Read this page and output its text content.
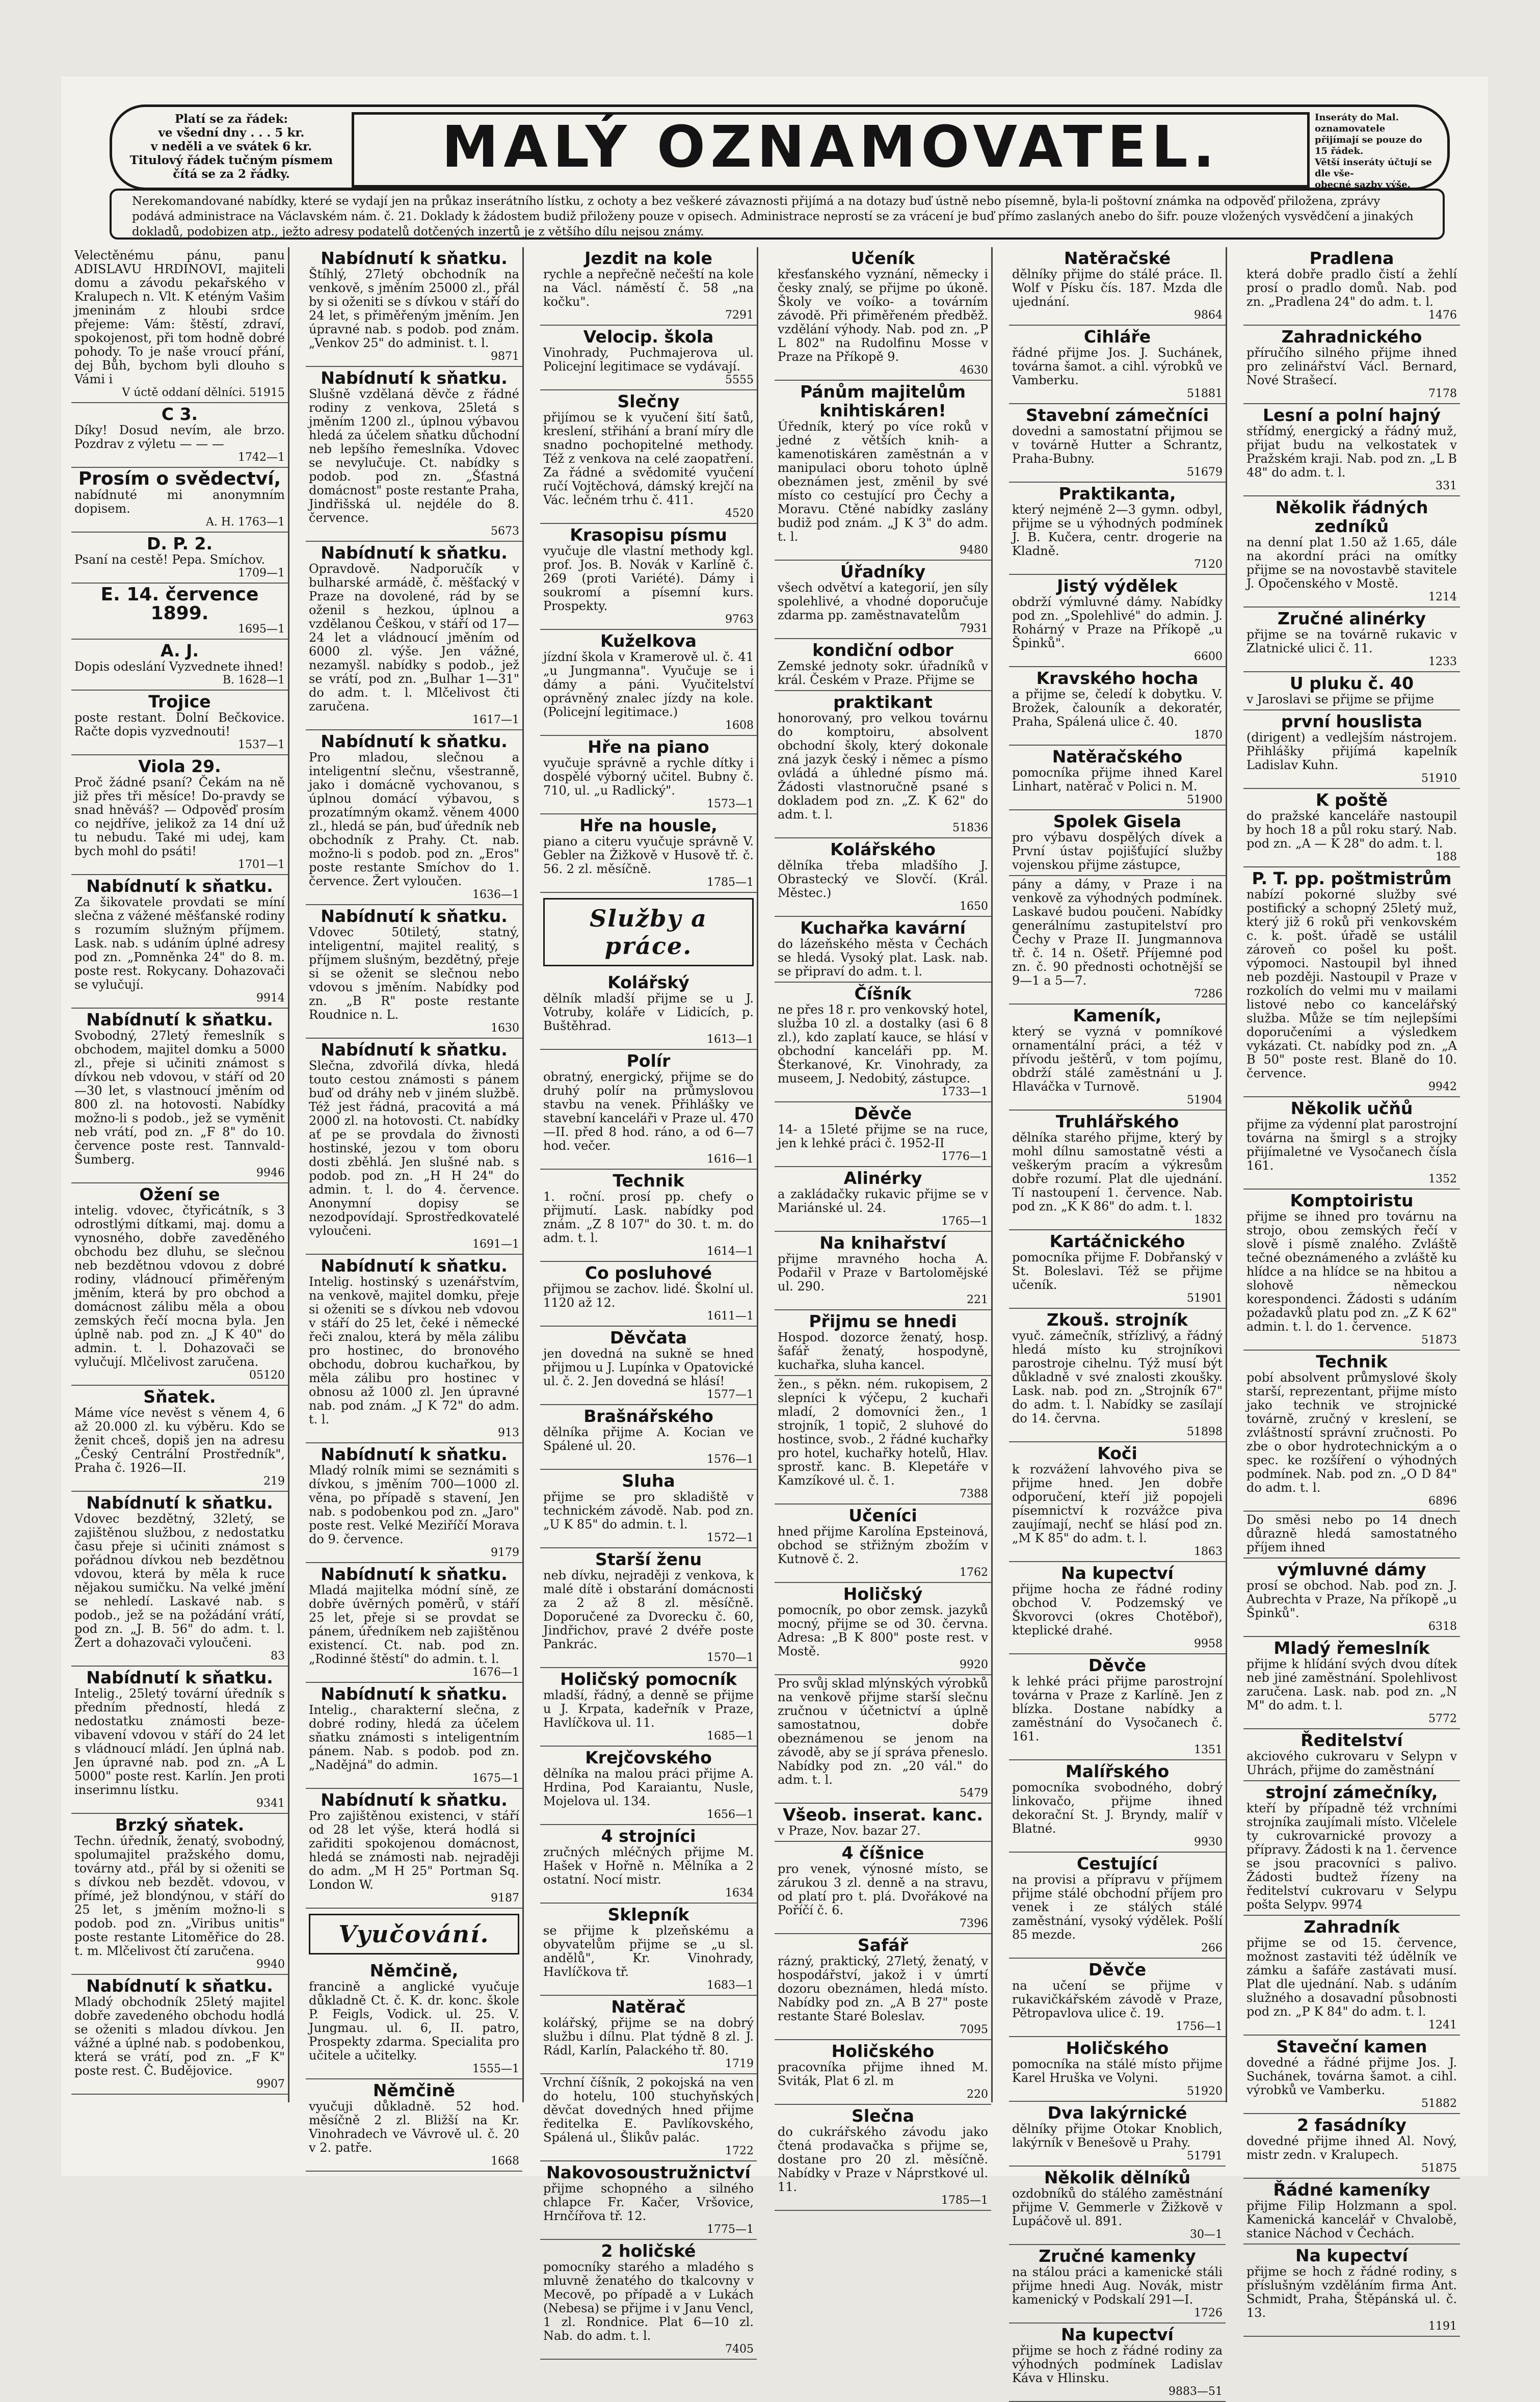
Platí se za řádek:
ve všední dny . . . 5 kr.
v neděli a ve svátek 6 kr.
Titulový řádek tučným písmem
čítá se za 2 řádky.	MALÝ OZNAMOVATEL.	Inseráty do Mal. oznamovatele
přijímají se pouze do 15 řádek.
Větší inseráty účtují se dle vše-
obecné sazby výše.
Nerekomandované nabídky, které se vydají jen na průkaz inserátního lístku, z ochoty a bez veškeré závaznosti přijímá a na dotazy buď ústně nebo písemně, byla-li poštovní známka na odpověď přiložena, zprávy podává administrace na Václavském nám. č. 21. Doklady k žádostem budiž přiloženy pouze v opisech. Administrace neprostí se za vrácení je buď přímo zaslaných anebo do šifr. pouze vložených vysvědčení a jinakých dokladů, podobizen atp., ježto adresy podatelů dotčených inzertů je z většího dílu nejsou známy.
Velectěnému pánu, panu ADISLAVU HRDINOVI, majiteli domu a závodu pekařského v Kralupech n. Vlt. K eténým Vašim jmeninám z hloubi srdce přejeme: Vám: štěstí, zdraví, spokojenost, při tom hodně dobré pohody. To je naše vroucí přání, dej Bůh, bychom byli dlouho s Vámi i
V úctě oddaní dělníci. 51915
C 3.
Díky! Dosud nevím, ale brzo. Pozdrav z výletu — — —
1742—1
Prosím o svědectví,
nabídnuté mi anonymním dopisem.
A. H. 1763—1
D. P. 2.
Psaní na cestě! Pepa. Smíchov.
1709—1
E. 14. července 1899.
1695—1
A. J.
Dopis odeslání Vyzvednete ihned!
B. 1628—1
Trojice
poste restant. Dolní Bečkovice. Račte dopis vyzvednouti!
1537—1
Viola 29.
Proč žádné psaní? Čekám na ně již přes tři měsíce! Do-pravdy se snad hněváš? — Odpověď prosím co nejdříve, jelikož za 14 dní už tu nebudu. Také mi udej, kam bych mohl do psáti!
1701—1
Nabídnutí k sňatku.
Za šikovatele provdati se míní slečna z vážené měšťanské rodiny s rozumím služným příjmem. Lask. nab. s udáním úplné adresy pod zn. „Pomněnka 24" do 8. m. poste rest. Rokycany. Dohazovači se vylučují.
9914
Nabídnutí k sňatku.
Svobodný, 27letý řemeslník s obchodem, majitel domku a 5000 zl., přeje si učiniti známost s dívkou neb vdovou, v stáří od 20—30 let, s vlastnoucí jměním od 800 zl. na hotovosti. Nabídky možno-li s podob., jež se vyměnit neb vrátí, pod zn. „F 8" do 10. července poste rest. Tannvald-Šumberg.
9946
Ožení se
intelig. vdovec, čtyřicátník, s 3 odrostlými dítkami, maj. domu a vynosného, dobře zaveděného obchodu bez dluhu, se slečnou neb bezdětnou vdovou z dobré rodiny, vládnoucí přiměřeným jměním, která by pro obchod a domácnost zálibu měla a obou zemských řečí mocna byla. Jen úplně nab. pod zn. „J K 40" do admin. t. l. Dohazovači se vylučují. Mlčelivost zaručena.
05120
Sňatek.
Máme více nevěst s věnem 4, 6 až 20.000 zl. ku výběru. Kdo se ženit chceš, dopiš jen na adresu „Český Centrální Prostředník", Praha č. 1926—II.
219
Nabídnutí k sňatku.
Vdovec bezdětný, 32letý, se zajištěnou službou, z nedostatku času přeje si učiniti známost s pořádnou dívkou neb bezdětnou vdovou, která by měla k ruce nějakou sumičku. Na velké jmění se nehledí. Laskavé nab. s podob., jež se na požádání vrátí, pod zn. „J. B. 56" do adm. t. l. Žert a dohazovači vyloučeni.
83
Nabídnutí k sňatku.
Intelig., 25letý tovární úředník s předním předností, hledá z nedostatku známosti beze- vibavení vdovou v stáří do 24 let s vládnoucí mládí. Jen úplná nab. Jen úpravné nab. pod zn. „A L 5000" poste rest. Karlín. Jen proti inserimnu lístku.
9341
Brzký sňatek.
Techn. úředník, ženatý, svobodný, spolumajitel pražského domu, továrny atd., přál by si oženiti se s dívkou neb bezdět. vdovou, v přímé, jež blondýnou, v stáří do 25 let, s jměním možno-li s podob. pod zn. „Viribus unitis" poste restante Litoměřice do 28. t. m. Mlčelivost čtí zaručena.
9940
Nabídnutí k sňatku.
Mladý obchodník 25letý majitel dobře zavedeného obchodu hodlá se oženiti s mladou dívkou. Jen vážné a úplné nab. s podobenkou, která se vrátí, pod zn. „F K" poste rest. Č. Budějovice.
9907
Nabídnutí k sňatku.
Štíhlý, 27letý obchodník na venkově, s jměním 25000 zl., přál by si oženiti se s dívkou v stáří do 24 let, s přiměřeným jměním. Jen úpravné nab. s podob. pod znám. „Venkov 25" do administ. t. l.
9871
Nabídnutí k sňatku.
Slušně vzdělaná děvče z řádné rodiny z venkova, 25letá s jměním 1200 zl., úplnou výbavou hledá za účelem sňatku důchodní neb lepšího řemeslníka. Vdovec se nevylučuje. Ct. nabídky s podob. pod zn. „Šťastná domácnost" poste restante Praha, Jindřišská ul. nejdéle do 8. července.
5673
Nabídnutí k sňatku.
Opravdově. Nadporučík v bulharské armádě, č. měšťacký v Praze na dovolené, rád by se oženil s hezkou, úplnou a vzdělanou Češkou, v stáří od 17—24 let a vládnoucí jměním od 6000 zl. výše. Jen vážné, nezamyšl. nabídky s podob., jež se vrátí, pod zn. „Bulhar 1—31" do adm. t. l. Mlčelivost čti zaručena.
1617—1
Nabídnutí k sňatku.
Pro mladou, slečnou a inteligentní slečnu, všestranně, jako i domácně vychovanou, s úplnou domácí výbavou, s prozatímným okamž. věnem 4000 zl., hledá se pán, buď úředník neb obchodník z Prahy. Ct. nab. možno-li s podob. pod zn. „Eros" poste restante Smíchov do 1. července. Žert vyloučen.
1636—1
Nabídnutí k sňatku.
Vdovec 50tiletý, statný, inteligentní, majitel realitý, s příjmem slušným, bezdětný, přeje si se oženit se slečnou nebo vdovou s jměním. Nabídky pod zn. „B R" poste restante Roudnice n. L.
1630
Nabídnutí k sňatku.
Slečna, zdvořilá dívka, hledá touto cestou známosti s pánem buď od dráhy neb v jiném službě. Též jest řádná, pracovitá a má 2000 zl. na hotovosti. Ct. nabídky ať pe se provdala do živnosti hostinské, jezou v tom oboru dosti zběhlá. Jen slušné nab. s podob. pod zn. „H H 24" do admin. t. l. do 4. července. Anonymní dopisy se nezodpovídají. Sprostředkovatelé vyloučeni.
1691—1
Nabídnutí k sňatku.
Intelig. hostinský s uzenářstvím, na venkově, majitel domku, přeje si oženiti se s dívkou neb vdovou v stáří do 25 let, čeké i německé řeči znalou, která by měla zálibu pro hostinec, do bronového obchodu, dobrou kuchařkou, by měla zálibu pro hostinec v obnosu až 1000 zl. Jen úpravné nab. pod znám. „J K 72" do adm. t. l.
913
Nabídnutí k sňatku.
Mladý rolník mimi se seznámiti s dívkou, s jměním 700—1000 zl. věna, po případě s stavení, Jen nab. s podobenkou pod zn. „Jaro" poste rest. Velké Meziříčí Morava do 9. července.
9179
Nabídnutí k sňatku.
Mladá majitelka módní síně, ze dobře úvěrných poměrů, v stáří 25 let, přeje si se provdat se pánem, úředníkem neb zajištěnou existencí. Ct. nab. pod zn. „Rodinné štěstí" do admin. t. l.
1676—1
Nabídnutí k sňatku.
Intelig., charakterní slečna, z dobré rodiny, hledá za účelem sňatku známosti s inteligentním pánem. Nab. s podob. pod zn. „Nadějná" do admin.
1675—1
Nabídnutí k sňatku.
Pro zajištěnou existenci, v stáří od 28 let výše, která hodlá si zařiditi spokojenou domácnost, hledá se známosti nab. nejraději do adm. „M H 25" Portman Sq. London W.
9187
Vyučování.
Němčině,
francině a anglické vyučuje důkladně Ct. č. K. dr. konc. škole P. Feigls, Vodick. ul. 25. V. Jungmau. ul. 6, II. patro, Prospekty zdarma. Specialita pro učitele a učitelky.
1555—1
Němčině
vyučuji důkladně. 52 hod. měsíčně 2 zl. Bližší na Kr. Vinohradech ve Vávrově ul. č. 20 v 2. patře.
1668
Jezdit na kole
rychle a nepřečně nečeští na kole na Václ. náměstí č. 58 „na kočku".
7291
Velocip. škola
Vinohrady, Puchmajerova ul. Policejní legitimace se vydávají.
5555
Slečny
přijímou se k vyučení šití šatů, kreslení, střihání a braní míry dle snadno pochopitelné methody. Též z venkova na celé zaopatření. Za řádné a svědomité vyučení ručí Vojtěchová, dámský krejčí na Vác. lečném trhu č. 411.
4520
Krasopisu písmu
vyučuje dle vlastní methody kgl. prof. Jos. B. Novák v Karlíně č. 269 (proti Variété). Dámy i soukromí a písemní kurs. Prospekty.
9763
Kuželkova
jízdní škola v Kramerově ul. č. 41 „u Jungmanna". Vyučuje se i dámy a páni. Vyučitelství oprávněný znalec jízdy na kole. (Policejní legitimace.)
1608
Hře na piano
vyučuje správně a rychle dítky i dospělé výborný učitel. Bubny č. 710, ul. „u Radlický".
1573—1
Hře na housle,
piano a citeru vyučuje správně V. Gebler na Žižkově v Husově tř. č. 56. 2 zl. měsíčně.
1785—1
Služby a práce.
Kolářský
dělník mladší přijme se u J. Votruby, koláře v Lidicích, p. Buštěhrad.
1613—1
Polír
obratný, energický, přijme se do druhý polír na průmyslovou stavbu na venek. Přihlášky ve stavební kanceláři v Praze ul. 470—II. před 8 hod. ráno, a od 6—7 hod. večer.
1616—1
Technik
1. roční. prosí pp. chefy o přijmutí. Lask. nabídky pod znám. „Z 8 107" do 30. t. m. do adm. t. l.
1614—1
Co posluhové
přijmou se zachov. lidé. Školní ul. 1120 až 12.
1611—1
Děvčata
jen dovedná na sukně se hned přijmou u J. Lupínka v Opatovické ul. č. 2. Jen dovedná se hlásí!
1577—1
Brašnářského
dělníka přijme A. Kocian ve Spálené ul. 20.
1576—1
Sluha
přijme se pro skladiště v technickém závodě. Nab. pod zn. „U K 85" do admin. t. l.
1572—1
Starší ženu
neb dívku, nejraději z venkova, k malé dítě i obstarání domácnosti za 2 až 8 zl. měsíčně. Doporučené za Dvorecku č. 60, Jindřichov, pravé 2 dvéře poste Pankrác.
1570—1
Holičský pomocník
mladší, řádný, a denně se přijme u J. Krpata, kadeřník v Praze, Havlíčkova ul. 11.
1685—1
Krejčovského
dělníka na malou práci přijme A. Hrdina, Pod Karaiantu, Nusle, Mojelova ul. 134.
1656—1
4 strojníci
zručných mléčných přijme M. Hašek v Hořně n. Mělníka a 2 ostatní. Nocí mistr.
1634
Sklepník
se přijme k plzeňskému a obyvatelům přijme se „u sl. andělů", Kr. Vinohrady, Havlíčkova tř.
1683—1
Natěrač
kolářský, přijme se na dobrý službu i dílnu. Plat týdně 8 zl. J. Rádl, Karlín, Palackého tř. 80.
1719
Vrchní číšník, 2 pokojská na ven do hotelu, 100 stuchyňských děvčat dovedných hned přijme ředitelka E. Pavlíkovského, Spálená ul., Šlikův palác.
1722
Nakovosoustružnictví
přijme schopného a silného chlapce Fr. Kačer, Vršovice, Hrnčířova tř. 12.
1775—1
2 holičské
pomocníky starého a mladého s mluvně ženatého do tkalcovny v Mecově, po případě a v Lukách (Nebesa) se přijme i v Janu Vencl, 1 zl. Rondnice. Plat 6—10 zl. Nab. do adm. t. l.
7405
Učeník
křesťanského vyznání, německy i česky znalý, se přijme po úkoně. Školy ve voíko- a továrním závodě. Při přiměřeném předběž. vzdělání výhody. Nab. pod zn. „P L 802" na Rudolfinu Mosse v Praze na Příkopě 9.
4630
Pánům majitelům knihtiskáren!
Úředník, který po více roků v jedné z větších knih- a kamenotiskáren zaměstnán a v manipulaci oboru tohoto úplně obeznámen jest, změnil by své místo co cestující pro Čechy a Moravu. Ctěné nabídky zaslány budiž pod znám. „J K 3" do adm. t. l.
9480
Úřadníky
všech odvětví a kategorií, jen síly spolehlivé, a vhodné doporučuje zdarma pp. zaměstnavatelům
7931
kondiční odbor
Zemské jednoty sokr. úřadníků v král. Českém v Praze. Přijme se
praktikant
honorovaný, pro velkou továrnu do komptoiru, absolvent obchodní školy, který dokonale zná jazyk český i němec a písmo ovládá a úhledné písmo má. Žádosti vlastnoručně psané s dokladem pod zn. „Z. K 62" do adm. t. l.
51836
Kolářského
dělníka třeba mladšího J. Obrastecký ve Slovčí. (Král. Městec.)
1650
Kuchařka kavární
do lázeňského města v Čechách se hledá. Vysoký plat. Lask. nab. se připraví do adm. t. l.
Číšník
ne přes 18 r. pro venkovský hotel, služba 10 zl. a dostalky (asi 6 8 zl.), kdo zaplatí kauce, se hlásí v obchodní kanceláři pp. M. Šterkanové, Kr. Vinohrady, za museem, J. Nedobitý, zástupce.
1733—1
Děvče
14- a 15leté přijme se na ruce, jen k lehké práci č. 1952-II
1776—1
Alinérky
a zakládačky rukavic přijme se v Mariánské ul. 24.
1765—1
Na knihařství
přijme mravného hocha A. Podařil v Praze v Bartolomějské ul. 290.
221
Přijmu se hnedi
Hospod. dozorce ženatý, hosp. šafář ženatý, hospodyně, kuchařka, sluha kancel.
žen., s pěkn. ném. rukopisem, 2 slepníci k výčepu, 2 kuchaři mladí, 2 domovníci žen., 1 strojník, 1 topič, 2 sluhové do hostince, svob., 2 řádné kuchařky pro hotel, kuchařky hotelů, Hlav. sprostř. kanc. B. Klepetáře v Kamzíkové ul. č. 1.
7388
Učeníci
hned přijme Karolína Epsteinová, obchod se střižným zbožím v Kutnově č. 2.
1762
Holičský
pomocník, po obor zemsk. jazyků mocný, přijme se od 30. června. Adresa: „B K 800" poste rest. v Mostě.
9920
Pro svůj sklad mlýnských výrobků na venkově přijme starší slečnu zručnou v účetnictví a úplně samostatnou, dobře obeznámenou se jenom na závodě, aby se jí správa přeneslo. Nabídky pod zn. „20 vál." do adm. t. l.
5479
Všeob. inserat. kanc.
v Praze, Nov. bazar 27.
4 číšnice
pro venek, výnosné místo, se zárukou 3 zl. denně a na stravu, od platí pro t. plá. Dvořákové na Poříčí č. 6.
7396
Safář
rázný, praktický, 27letý, ženatý, v hospodářství, jakož i v úmrtí dozoru obeznámen, hledá místo. Nabídky pod zn. „A B 27" poste restante Staré Boleslav.
7095
Holičského
pracovníka přijme ihned M. Sviták, Plat 6 zl. m
220
Slečna
do cukrářského závodu jako čtená prodavačka s přijme se, dostane pro 20 zl. měsíčně. Nabídky v Praze v Náprstkové ul. 11.
1785—1
Natěračské
dělníky přijme do stálé práce. Il. Wolf v Písku čís. 187. Mzda dle ujednání.
9864
Cihláře
řádné přijme Jos. J. Suchánek, továrna šamot. a cihl. výrobků ve Vamberku.
51881
Stavební zámečníci
dovedni a samostatní přijmou se v továrně Hutter a Schrantz, Praha-Bubny.
51679
Praktikanta,
který nejméně 2—3 gymn. odbyl, přijme se u výhodných podmínek J. B. Kučera, centr. drogerie na Kladně.
7120
Jistý výdělek
obdrží výmluvné dámy. Nabídky pod zn. „Spolehlivé" do admin. J. Rohárný v Praze na Příkopě „u Špinků".
6600
Kravského hocha
a přijme se, čeledí k dobytku. V. Brožek, čalouník a dekoratér, Praha, Spálená ulice č. 40.
1870
Natěračského
pomocníka přijme ihned Karel Linhart, natěrač v Polici n. M.
51900
Spolek Gisela
pro výbavu dospělých dívek a První ústav pojišťující služby vojenskou přijme zástupce,
pány a dámy, v Praze i na venkově za výhodných podmínek. Laskavé budou poučeni. Nabídky generálnímu zastupitelství pro Čechy v Praze II. Jungmannova tř. č. 14 n. Ošetř. Příjemné pod zn. č. 90 přednosti ochotnější se 9—1 a 5—7.
7286
Kameník,
který se vyzná v pomníkové ornamentální práci, a též v přívodu ještěrů, v tom pojímu, obdrží stálé zaměstnání u J. Hlaváčka v Turnově.
51904
Truhlářského
dělníka starého přijme, který by mohl dílnu samostatně vésti a veškerým pracím a výkresům dobře rozumí. Plat dle ujednání. Tí nastoupení 1. července. Nab. pod zn. „K K 86" do adm. t. l.
1832
Kartáčnického
pomocníka přijme F. Dobřanský v St. Boleslavi. Též se přijme učeník.
51901
Zkouš. strojník
vyuč. zámečník, střízlivý, a řádný hledá místo ku strojníkovi parostroje cihelnu. Týž musí být důkladně v své znalosti zkoušky. Lask. nab. pod zn. „Strojník 67" do adm. t. l. Nabídky se zasílají do 14. června.
51898
Koči
k rozvážení lahvového piva se přijme hned. Jen dobře odporučení, kteří již popojeli písemnictví k rozvážce piva zaujímají, nechť se hlásí pod zn. „M K 85" do adm. t. l.
1863
Na kupectví
přijme hocha ze řádné rodiny obchod V. Podzemský ve Škvorovci (okres Chotěboř), kteplické drahé.
9958
Děvče
k lehké práci přijme parostrojní továrna v Praze z Karlíně. Jen z blízka. Dostane nabídky a zaměstnání do Vysočanech č. 161.
1351
Malířského
pomocníka svobodného, dobrý linkovačo, přijme ihned dekorační St. J. Bryndy, malíř v Blatné.
9930
Cestující
na provisi a přípravu v příjmem přijme stálé obchodní příjem pro venek i ze stálých stálé zaměstnání, vysoký výdělek. Pošlí 85 mezde.
266
Děvče
na učení se přijme v rukavičkářském závodě v Praze, Pětropavlova ulice č. 19.
1756—1
Holičského
pomocníka na stálé místo přijme Karel Hruška ve Volyni.
51920
Dva lakýrnické
dělníky přijme Otokar Knoblich, lakýrník v Benešově u Prahy.
51791
Několik dělníků
ozdobníků do stálého zaměstnání přijme V. Gemmerle v Žižkově v Lupáčově ul. 891.
30—1
Zručné kamenky
na stálou práci a kamenické stáli přijme hnedi Aug. Novák, mistr kamenický v Podskalí 291—I.
1726
Na kupectví
přijme se hoch z řádné rodiny za výhodných podmínek Ladislav Káva v Hlinsku.
9883—51
Pradlena
která dobře pradlo čistí a žehlí prosí o pradlo domů. Nab. pod zn. „Pradlena 24" do adm. t. l.
1476
Zahradnického
příručího silného přijme ihned pro zelinářství Václ. Bernard, Nové Strašecí.
7178
Lesní a polní hajný
střídmý, energický a řádný muž, přijat budu na velkostatek v Pražském kraji. Nab. pod zn. „L B 48" do adm. t. l.
331
Několik řádných zedníků
na denní plat 1.50 až 1.65, dále na akordní práci na omítky přijme se na novostavbě stavitele J. Opočenského v Mostě.
1214
Zručné alinérky
přijme se na továrně rukavic v Zlatnické ulici č. 11.
1233
U pluku č. 40
v Jaroslavi se přijme se přijme
první houslista
(dirigent) a vedlejším nástrojem. Přihlášky přijímá kapelník Ladislav Kuhn.
51910
K poště
do pražské kanceláře nastoupil by hoch 18 a půl roku starý. Nab. pod zn. „A — K 28" do adm. t. l.
188
P. T. pp. poštmistrům
nabízí pokorné služby své postifický a schopný 25letý muž, který již 6 roků při venkovském c. k. pošt. úřadě se ustálil zároveň co pošel ku pošt. výpomoci. Nastoupil byl ihned neb později. Nastoupil v Praze v rozkolích do velmi mu v mailami listové nebo co kancelářský služba. Může se tím nejlepšími doporučeními a výsledkem vykázati. Ct. nabídky pod zn. „A B 50" poste rest. Blaně do 10. července.
9942
Několik učňů
přijme za výdenní plat parostrojní továrna na šmirgl s a strojky přijímaletné ve Vysočanech čísla 161.
1352
Komptoiristu
přijme se ihned pro továrnu na strojo, obou zemských řečí v slově i písmě znalého. Zvláště tečné obeznámeného a zvláště ku hlídce a na hlídce se na hbitou a slohově německou korespondenci. Žádosti s udáním požadavků platu pod zn. „Z K 62" admin. t. l. do 1. července.
51873
Technik
pobí absolvent průmyslové školy starší, reprezentant, přijme místo jako technik ve strojnické továrně, zručný v kreslení, se zvláštností správní zručnosti. Po zbe o obor hydrotechnickým a o spec. ke rozšíření o výhodných podmínek. Nab. pod zn. „O D 84" do adm. t. l.
6896
Do směsi nebo po 14 dnech důrazně hledá samostatného příjem ihned
výmluvné dámy
prosí se obchod. Nab. pod zn. J. Aubrechta v Praze, Na příkopě „u Špinků".
6318
Mladý řemeslník
přijme k hlídání svých dvou dítek neb jiné zaměstnání. Spolehlivost zaručena. Lask. nab. pod zn. „N M" do adm. t. l.
5772
Ředitelství
akciového cukrovaru v Selypn v Uhrách, přijme do zaměstnání
strojní zámečníky,
kteří by případně též vrchními strojníka zaujímali místo. Vlčelele ty cukrovarnické provozy a přípravy. Žádosti k na 1. července se jsou pracovníci s palivo. Žádosti budtež řízeny na ředitelství cukrovaru v Selypu pošta Selypv. 9974
Zahradník
přijme se od 15. července, možnost zastaviti též údělník ve zámku a šafáře zastávati musí. Plat dle ujednání. Nab. s udáním služného a dosavadní působnosti pod zn. „P K 84" do adm. t. l.
1241
Staveční kamen
dovedné a řádné přijme Jos. J. Suchánek, továrna šamot. a cihl. výrobků ve Vamberku.
51882
2 fasádníky
dovedné přijme ihned Al. Nový, mistr zedn. v Kralupech.
51875
Řádné kameníky
přijme Filip Holzmann a spol. Kamenická kancelář v Chvalobě, stanice Náchod v Čechách.
Na kupectví
přijme se hoch z řádné rodiny, s příslušným vzděláním firma Ant. Schmidt, Praha, Štěpánská ul. č. 13.
1191
